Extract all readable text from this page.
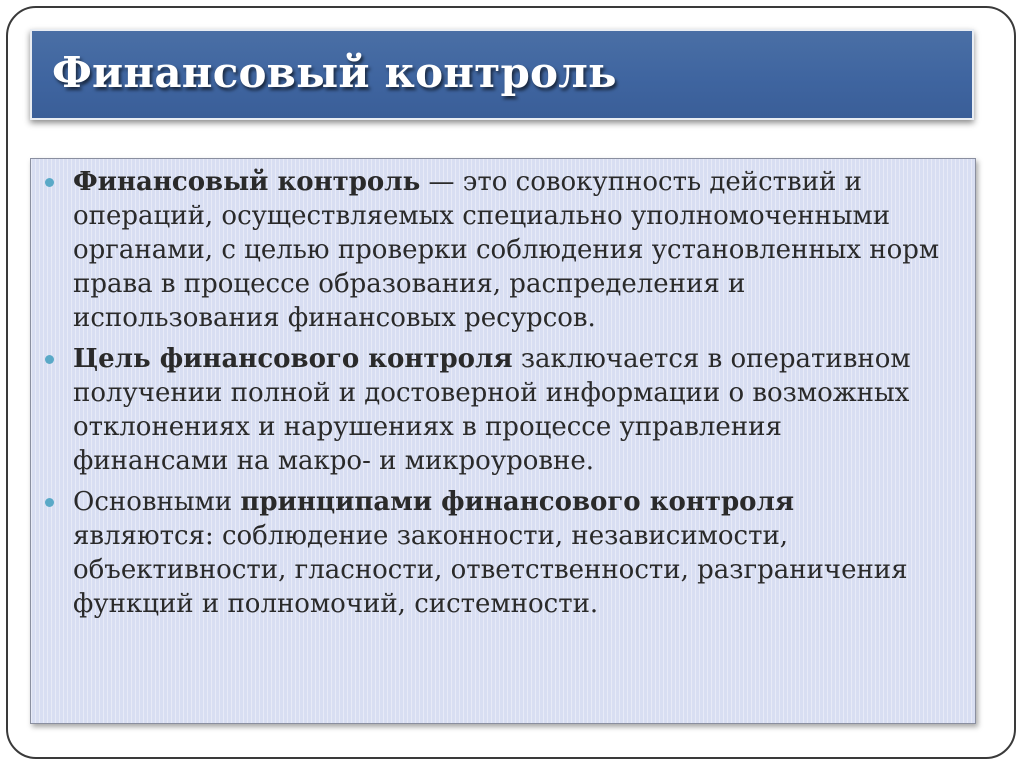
Финансовый контроль
Финансовый контроль — это совокупность действий и операций, осуществляемых специально уполномоченными органами, с целью проверки соблюдения установленных норм права в процессе образования, распределения и использования финансовых ресурсов.
Цель финансового контроля заключается в оперативном получении полной и достоверной информации о возможных отклонениях и нарушениях в процессе управления финансами на макро- и микроуровне.
Основными принципами финансового контроля являются: соблюдение законности, независимости, объективности, гласности, ответственности, разграничения функций и полномочий, системности.
